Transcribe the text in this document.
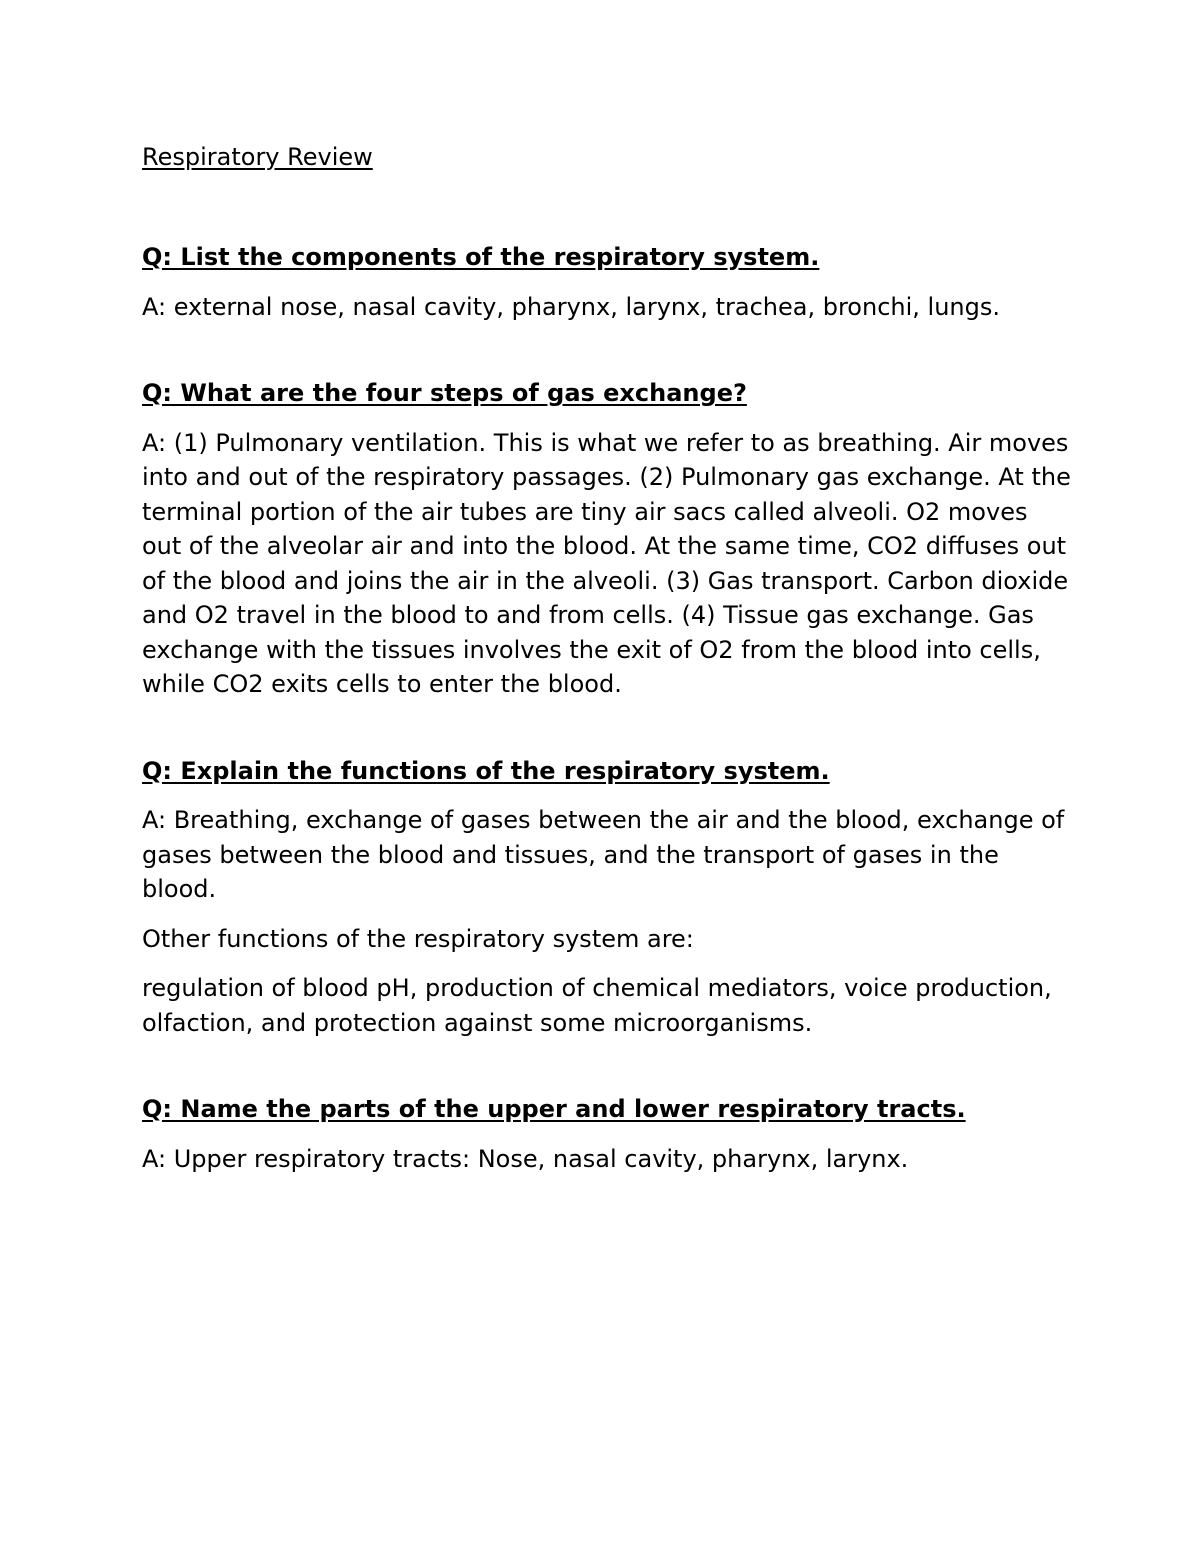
Respiratory Review
Q: List the components of the respiratory system.
A: external nose, nasal cavity, pharynx, larynx, trachea, bronchi, lungs.
Q: What are the four steps of gas exchange?
A: (1) Pulmonary ventilation. This is what we refer to as breathing. Air moves into and out of the respiratory passages. (2) Pulmonary gas exchange. At the terminal portion of the air tubes are tiny air sacs called alveoli. O2 moves out of the alveolar air and into the blood. At the same time, CO2 diffuses out of the blood and joins the air in the alveoli. (3) Gas transport. Carbon dioxide and O2 travel in the blood to and from cells. (4) Tissue gas exchange. Gas exchange with the tissues involves the exit of O2 from the blood into cells, while CO2 exits cells to enter the blood.
Q: Explain the functions of the respiratory system.
A: Breathing, exchange of gases between the air and the blood, exchange of gases between the blood and tissues, and the transport of gases in the blood.
Other functions of the respiratory system are:
regulation of blood pH, production of chemical mediators, voice production, olfaction, and protection against some microorganisms.
Q: Name the parts of the upper and lower respiratory tracts.
A: Upper respiratory tracts: Nose, nasal cavity, pharynx, larynx.
